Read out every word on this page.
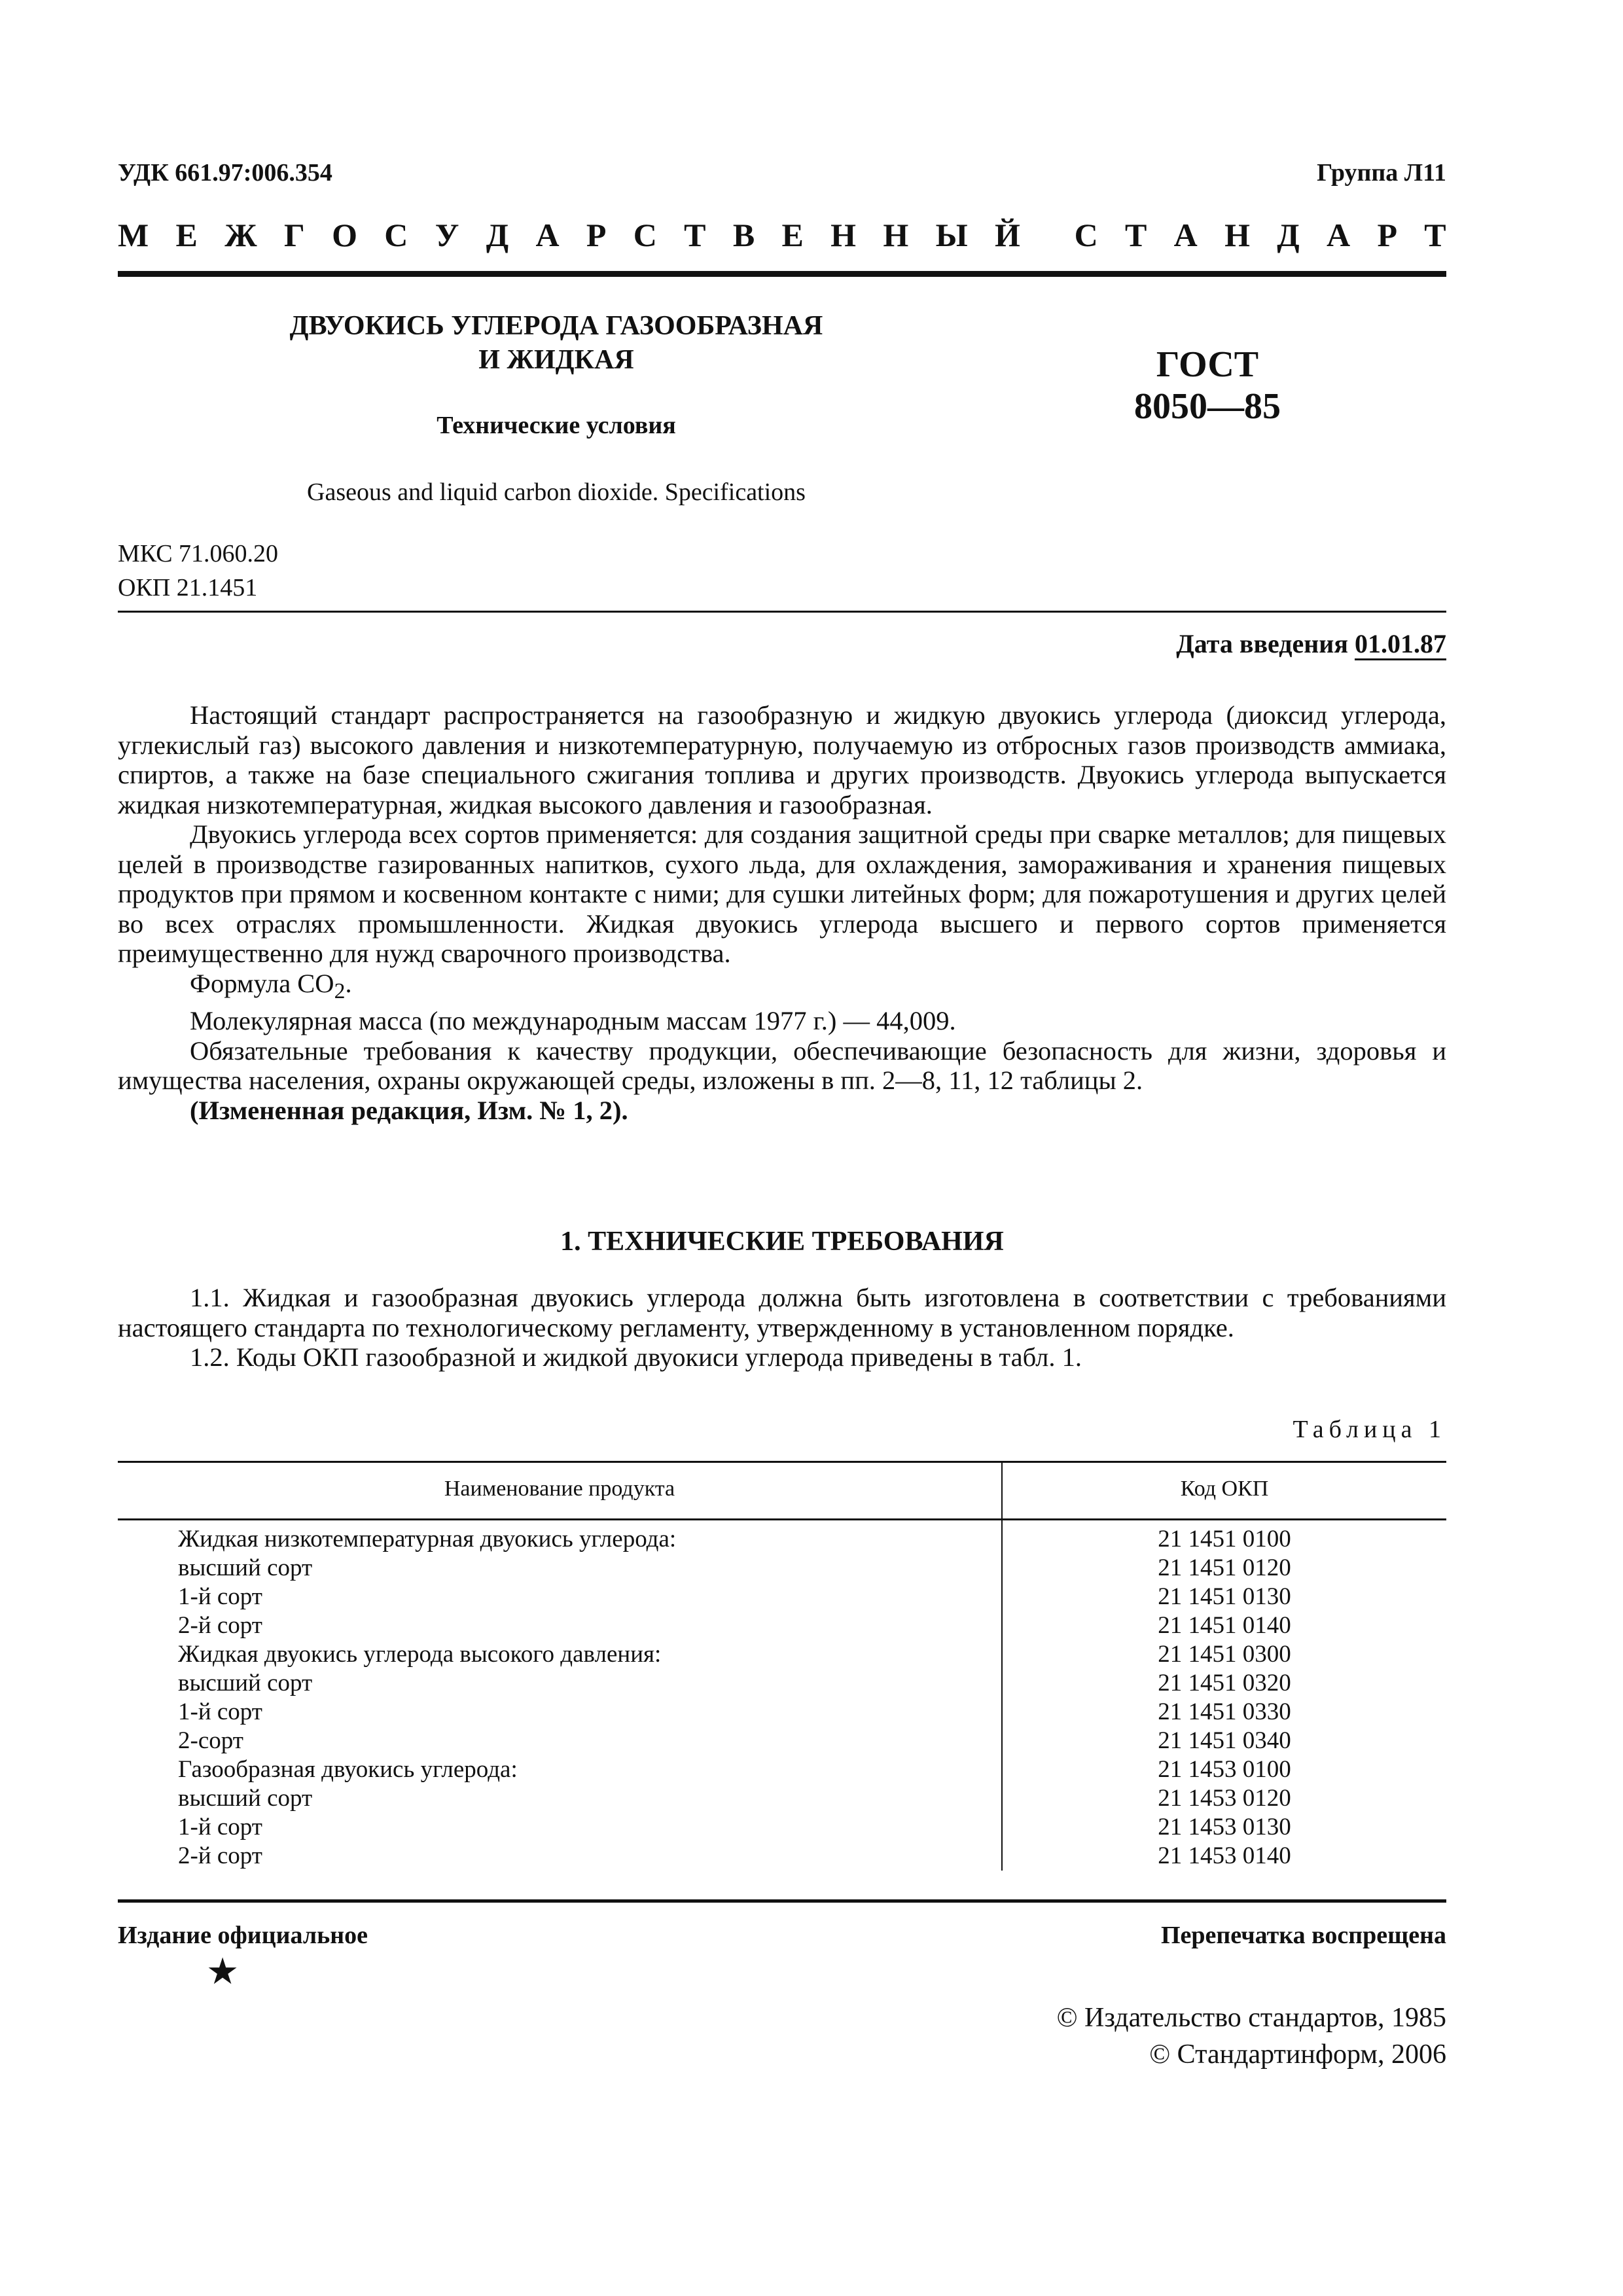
УДК 661.97:006.354	Группа Л11
М Е Ж Г О С У Д А Р С Т В Е Н Н Ы Й С Т А Н Д А Р Т
ДВУОКИСЬ УГЛЕРОДА ГАЗООБРАЗНАЯ
И ЖИДКАЯ	ГОСТ
8050—85
Технические условия
Gaseous and liquid carbon dioxide. Specifications
МКС 71.060.20
ОКП 21.1451
Дата введения 01.01.87

Настоящий стандарт распространяется на газообразную и жидкую двуокись углерода (диоксид углерода, углекислый газ) высокого давления и низкотемпературную, получаемую из отбросных газов производств аммиака, спиртов, а также на базе специального сжигания топлива и других производств. Двуокись углерода выпускается жидкая низкотемпературная, жидкая высокого давления и газообразная.

Двуокись углерода всех сортов применяется: для создания защитной среды при сварке металлов; для пищевых целей в производстве газированных напитков, сухого льда, для охлаждения, замораживания и хранения пищевых продуктов при прямом и косвенном контакте с ними; для сушки литейных форм; для пожаротушения и других целей во всех отраслях промышленности. Жидкая двуокись углерода высшего и первого сортов применяется преимущественно для нужд сварочного производства.

Формула $CO_2$.

Молекулярная масса (по международным массам 1977 г.) — 44,009.

Обязательные требования к качеству продукции, обеспечивающие безопасность для жизни, здоровья и имущества населения, охраны окружающей среды, изложены в пп. 2—8, 11, 12 таблицы 2.

(Измененная редакция, Изм. № 1, 2).

1. ТЕХНИЧЕСКИЕ ТРЕБОВАНИЯ

1.1. Жидкая и газообразная двуокись углерода должна быть изготовлена в соответствии с требованиями настоящего стандарта по технологическому регламенту, утвержденному в установленном порядке.

1.2. Коды ОКП газообразной и жидкой двуокиси углерода приведены в табл. 1.

Таблица 1
Наименование продукта	Код ОКП
Жидкая низкотемпературная двуокись углерода:	21 1451 0100
высший сорт	21 1451 0120
1-й сорт	21 1451 0130
2-й сорт	21 1451 0140
Жидкая двуокись углерода высокого давления:	21 1451 0300
высший сорт	21 1451 0320
1-й сорт	21 1451 0330
2-сорт	21 1451 0340
Газообразная двуокись углерода:	21 1453 0100
высший сорт	21 1453 0120
1-й сорт	21 1453 0130
2-й сорт	21 1453 0140
Издание официальное	Перепечатка воспрещена
★
© Издательство стандартов, 1985
© Стандартинформ, 2006
